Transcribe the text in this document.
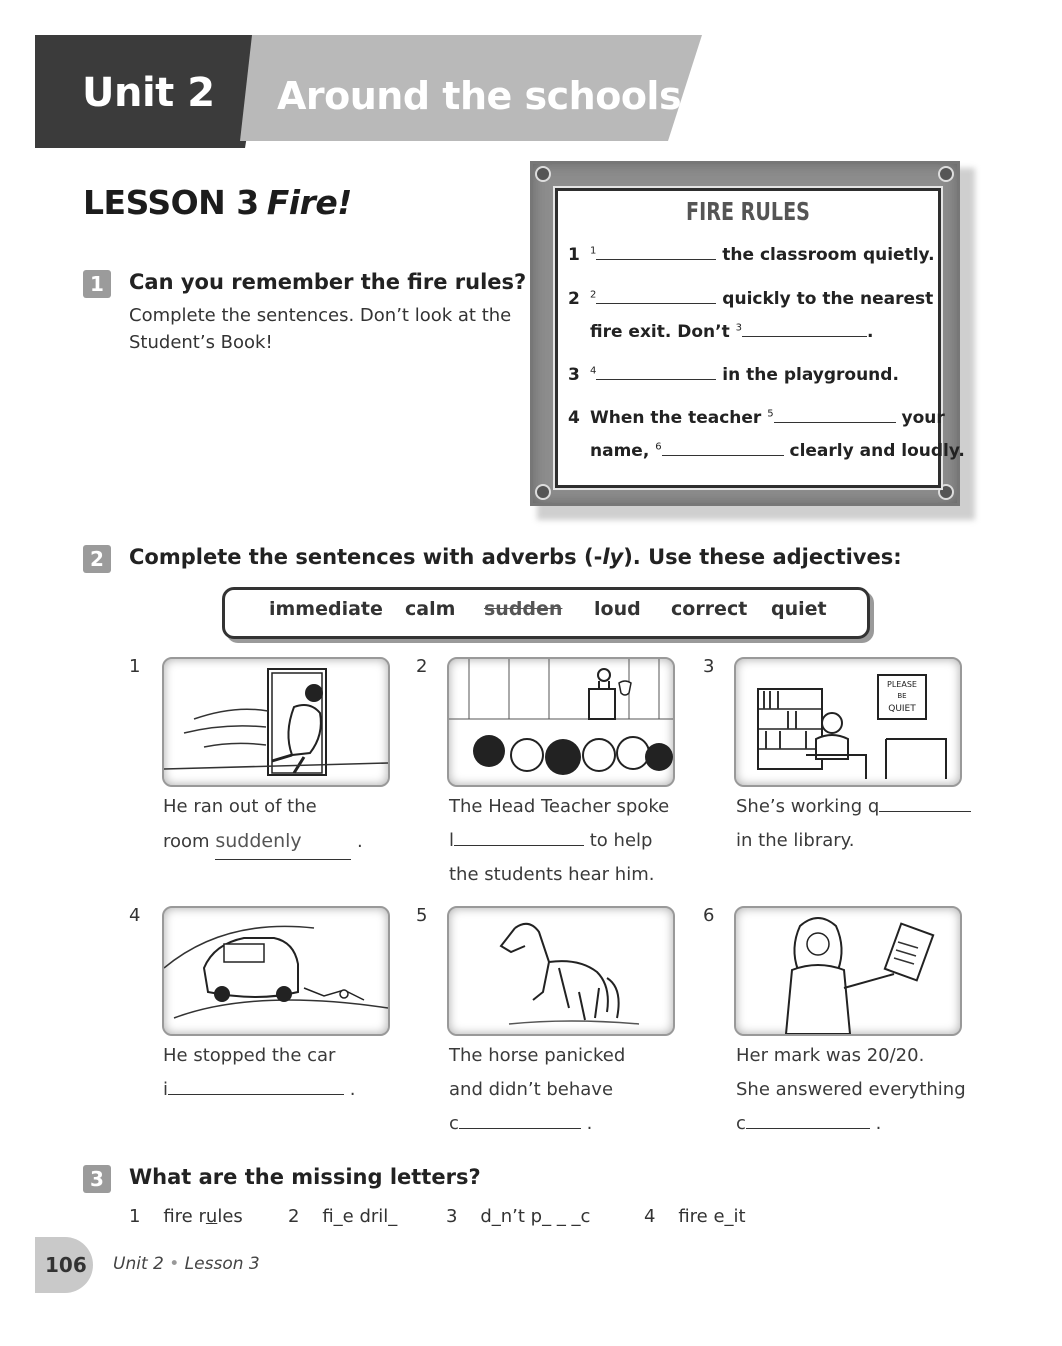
Unit 2 Around the schools
LESSON 3 Fire!
1	Can you remember the fire rules?
Complete the sentences. Don’t look at the
Student’s Book!
FIRE RULES
1 $^1$	the classroom quietly.
2 $^2$	quickly to the nearest
fire exit. Don’t $^3$	.
3 $^4$	in the playground.
4 When the teacher $^5$	your
name, $^6$	clearly and loudly.
2	Complete the sentences with adverbs (-ly). Use these adjectives:
immediate calm sudden loud correct quiet
1
He ran out of the
room suddenly	.
2
The Head Teacher spoke
l	to help
the students hear him.
3
PLEASE
BE
QUIET
She’s working q
in the library.
4
He stopped the car
i	.
5
The horse panicked
and didn’t behave
c	.
6
Her mark was 20/20.
She answered everything
c	.
3	What are the missing letters?
1 fire rules	2 fi_e dril_	3 d_n’t p_ _ _c	4 fire e_it
106 Unit 2 • Lesson 3
